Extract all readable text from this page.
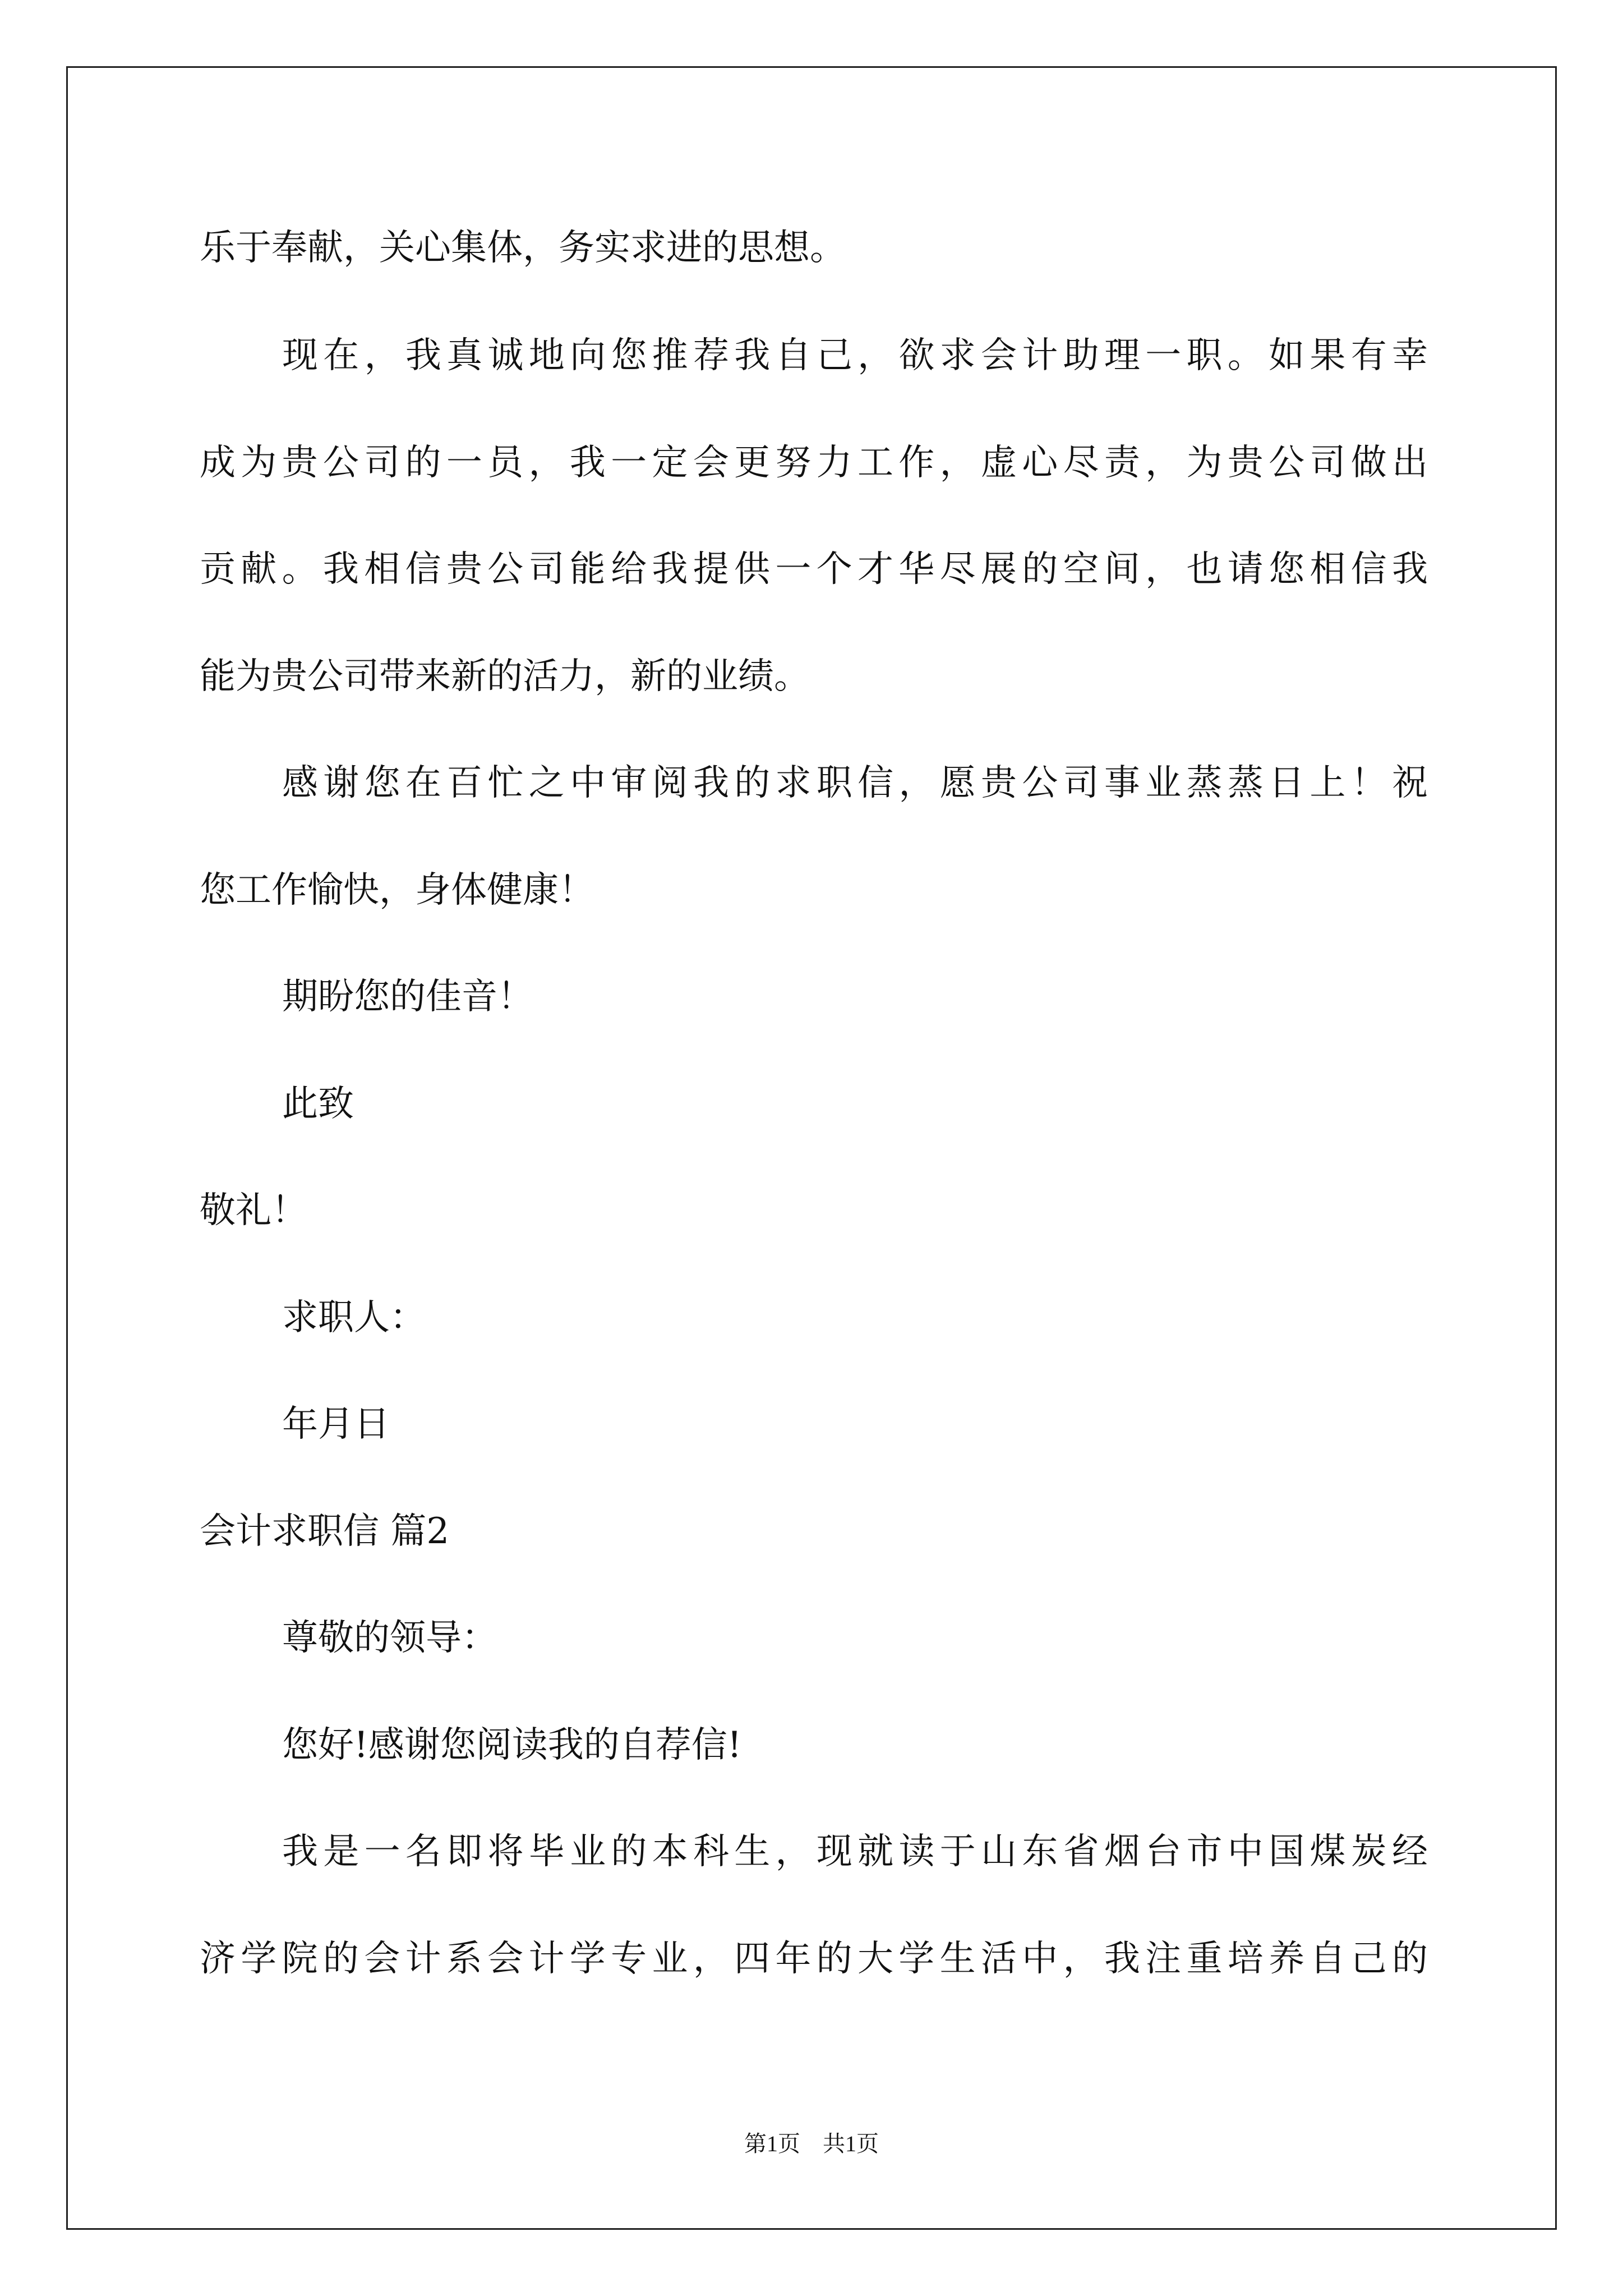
乐于奉献，关心集体，务实求进的思想。
现在，我真诚地向您推荐我自己，欲求会计助理一职。如果有幸
成为贵公司的一员，我一定会更努力工作，虚心尽责，为贵公司做出
贡献。我相信贵公司能给我提供一个才华尽展的空间，也请您相信我
能为贵公司带来新的活力，新的业绩。
感谢您在百忙之中审阅我的求职信，愿贵公司事业蒸蒸日上！祝
您工作愉快，身体健康！
期盼您的佳音！
此致
敬礼！
求职人：
年月日
会计求职信 篇2
尊敬的领导：
您好!感谢您阅读我的自荐信!
我是一名即将毕业的本科生，现就读于山东省烟台市中国煤炭经
济学院的会计系会计学专业，四年的大学生活中，我注重培养自己的
第1页　共1页
